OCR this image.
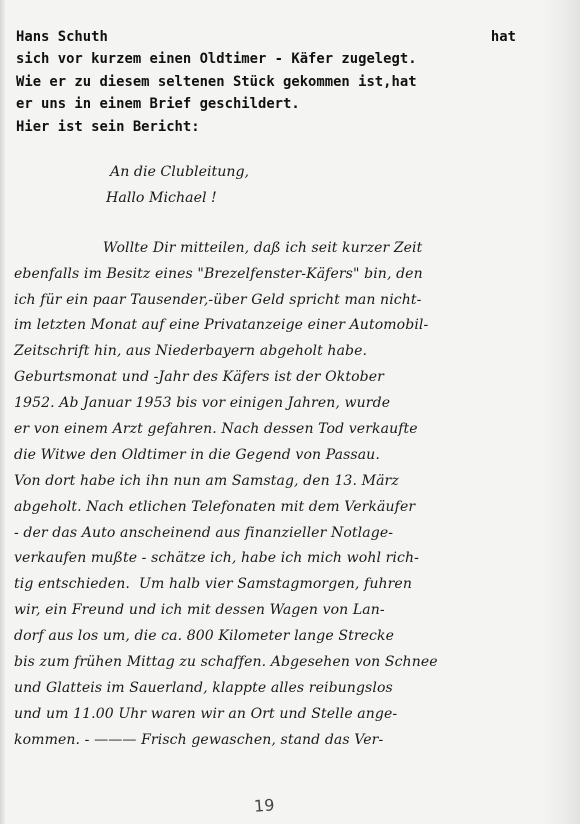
Hans Schuth	hat
sich vor kurzem einen Oldtimer - Käfer zugelegt.
Wie er zu diesem seltenen Stück gekommen ist,hat
er uns in einem Brief geschildert.
Hier ist sein Bericht:
An die Clubleitung,
Hallo Michael !
Wollte Dir mitteilen, daß ich seit kurzer Zeit
ebenfalls im Besitz eines "Brezelfenster-Käfers" bin, den
ich für ein paar Tausender,-über Geld spricht man nicht-
im letzten Monat auf eine Privatanzeige einer Automobil-
Zeitschrift hin, aus Niederbayern abgeholt habe.
Geburtsmonat und -Jahr des Käfers ist der Oktober
1952. Ab Januar 1953 bis vor einigen Jahren, wurde
er von einem Arzt gefahren. Nach dessen Tod verkaufte
die Witwe den Oldtimer in die Gegend von Passau.
Von dort habe ich ihn nun am Samstag, den 13. März
abgeholt. Nach etlichen Telefonaten mit dem Verkäufer
- der das Auto anscheinend aus finanzieller Notlage-
verkaufen mußte - schätze ich, habe ich mich wohl rich-
tig entschieden.  Um halb vier Samstagmorgen, fuhren
wir, ein Freund und ich mit dessen Wagen von Lan-
dorf aus los um, die ca. 800 Kilometer lange Strecke
bis zum frühen Mittag zu schaffen. Abgesehen von Schnee
und Glatteis im Sauerland, klappte alles reibungslos
und um 11.00 Uhr waren wir an Ort und Stelle ange-
kommen. - ——— Frisch gewaschen, stand das Ver-
19
